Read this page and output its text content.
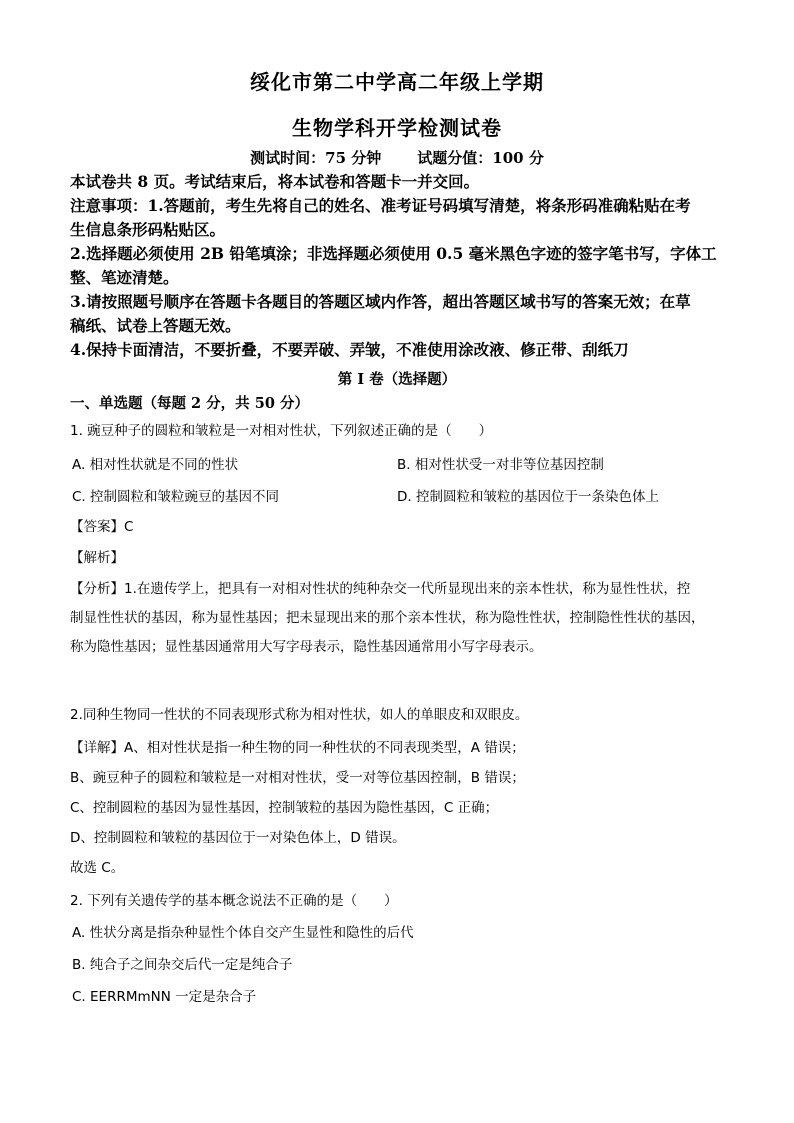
绥化市第二中学高二年级上学期
生物学科开学检测试卷
测试时间：75 分钟 试题分值：100 分
本试卷共 8 页。考试结束后，将本试卷和答题卡一并交回。
注意事项：1.答题前，考生先将自己的姓名、准考证号码填写清楚，将条形码准确粘贴在考
生信息条形码粘贴区。
2.选择题必须使用 2B 铅笔填涂；非选择题必须使用 0.5 毫米黑色字迹的签字笔书写，字体工
整、笔迹清楚。
3.请按照题号顺序在答题卡各题目的答题区域内作答，超出答题区域书写的答案无效；在草
稿纸、试卷上答题无效。
4.保持卡面清洁，不要折叠，不要弄破、弄皱，不准使用涂改液、修正带、刮纸刀
第 I 卷（选择题）
一、单选题（每题 2 分，共 50 分）
1. 豌豆种子的圆粒和皱粒是一对相对性状，下列叙述正确的是（　　）
A. 相对性状就是不同的性状	B. 相对性状受一对非等位基因控制
C. 控制圆粒和皱粒豌豆的基因不同	D. 控制圆粒和皱粒的基因位于一条染色体上
【答案】C
【解析】
【分析】1.在遗传学上，把具有一对相对性状的纯种杂交一代所显现出来的亲本性状，称为显性性状，控
制显性性状的基因，称为显性基因；把未显现出来的那个亲本性状，称为隐性性状，控制隐性性状的基因，
称为隐性基因；显性基因通常用大写字母表示，隐性基因通常用小写字母表示。
2.同种生物同一性状的不同表现形式称为相对性状，如人的单眼皮和双眼皮。
【详解】A、相对性状是指一种生物的同一种性状的不同表现类型，A 错误；
B、豌豆种子的圆粒和皱粒是一对相对性状，受一对等位基因控制，B 错误；
C、控制圆粒的基因为显性基因，控制皱粒的基因为隐性基因，C 正确；
D、控制圆粒和皱粒的基因位于一对染色体上，D 错误。
故选 C。
2. 下列有关遗传学的基本概念说法不正确的是（　　）
A. 性状分离是指杂种显性个体自交产生显性和隐性的后代
B. 纯合子之间杂交后代一定是纯合子
C. EERRMmNN 一定是杂合子
